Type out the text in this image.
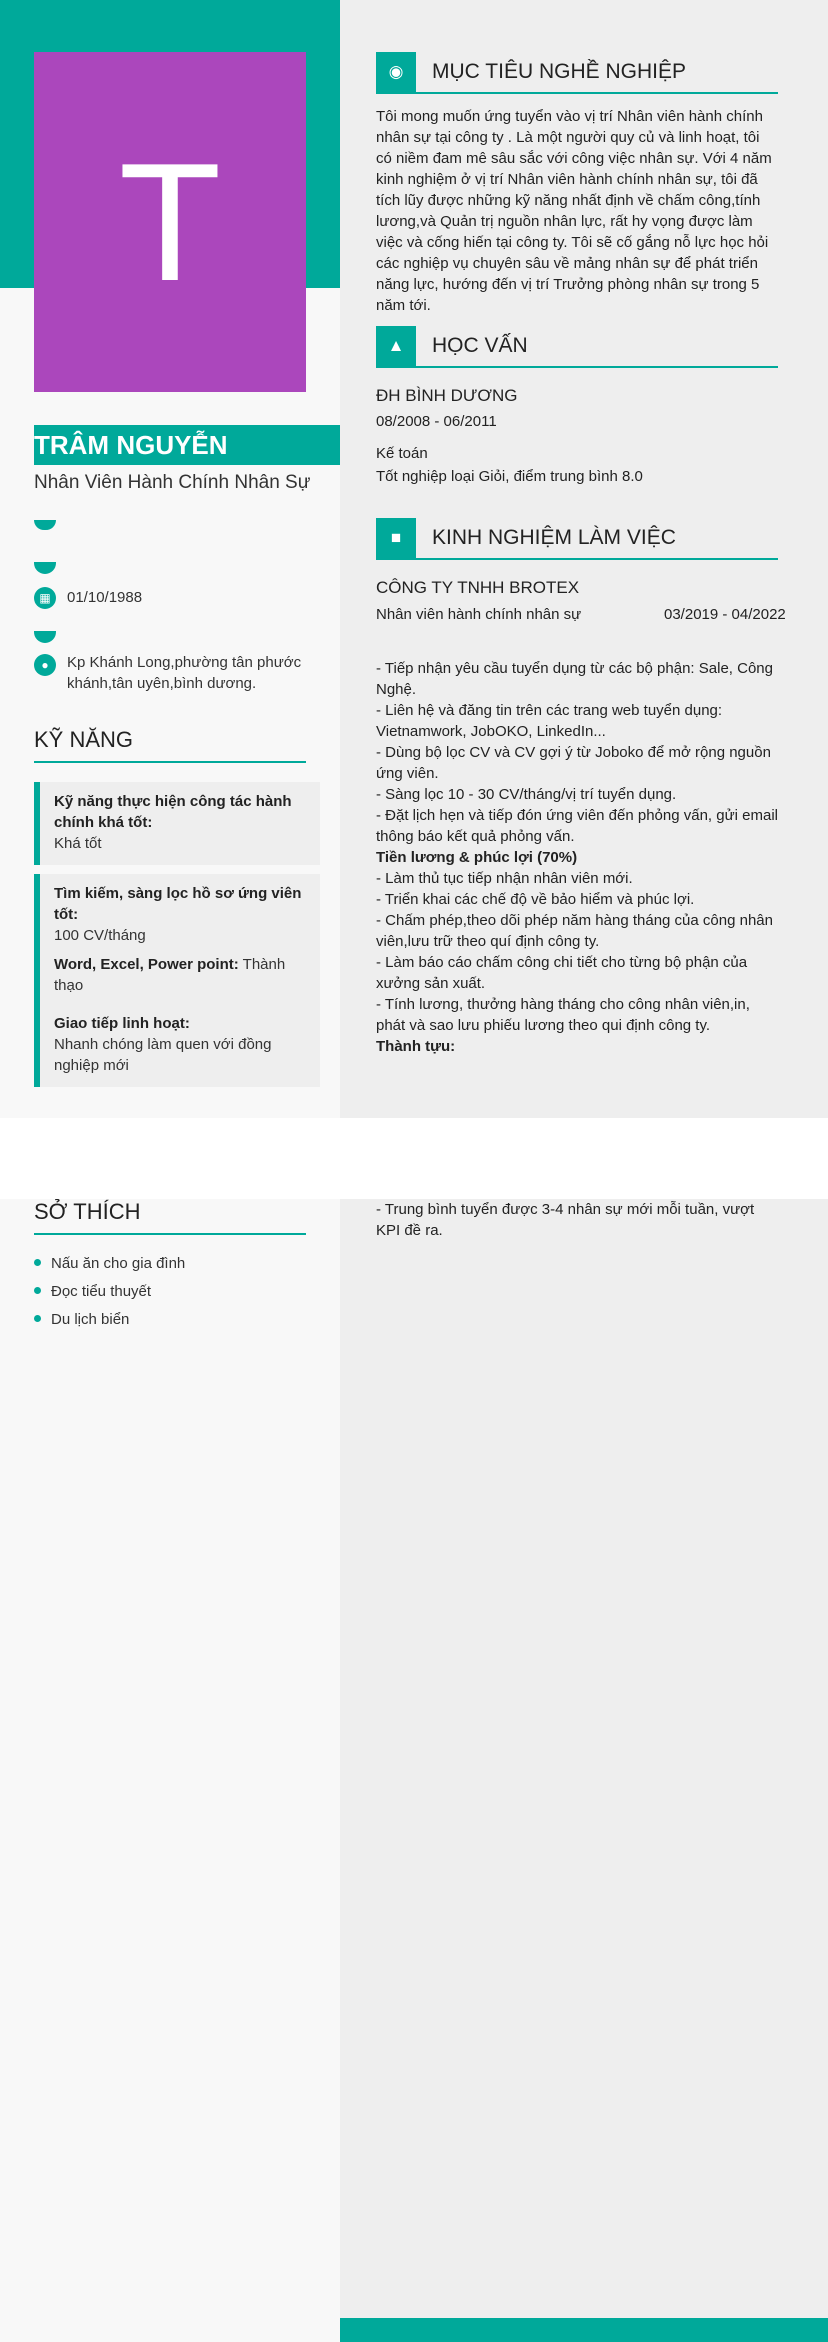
T
TRÂM NGUYỄN
Nhân Viên Hành Chính Nhân Sự
▦	01/10/1988
●	Kp Khánh Long,phường tân phước khánh,tân uyên,bình dương.
KỸ NĂNG
Kỹ năng thực hiện công tác hành chính khá tốt:
Khá tốt
Tìm kiếm, sàng lọc hồ sơ ứng viên tốt:
100 CV/tháng
Word, Excel, Power point: Thành thạo
Giao tiếp linh hoạt:
Nhanh chóng làm quen với đồng nghiệp mới
◉	MỤC TIÊU NGHỀ NGHIỆP
Tôi mong muốn ứng tuyển vào vị trí Nhân viên hành chính nhân sự tại công ty . Là một người quy củ và linh hoạt, tôi có niềm đam mê sâu sắc với công việc nhân sự. Với 4 năm kinh nghiệm ở vị trí Nhân viên hành chính nhân sự, tôi đã tích lũy được những kỹ năng nhất định về chấm công,tính lương,và Quản trị nguồn nhân lực, rất hy vọng được làm việc và cống hiến tại công ty. Tôi sẽ cố gắng nỗ lực học hỏi các nghiệp vụ chuyên sâu về mảng nhân sự để phát triển năng lực, hướng đến vị trí Trưởng phòng nhân sự trong 5 năm tới.
▲	HỌC VẤN
ĐH BÌNH DƯƠNG
08/2008 - 06/2011
Kế toán
Tốt nghiệp loại Giỏi, điểm trung bình 8.0
■	KINH NGHIỆM LÀM VIỆC
CÔNG TY TNHH BROTEX
Nhân viên hành chính nhân sự	03/2019 - 04/2022
- Tiếp nhận yêu cầu tuyển dụng từ các bộ phận: Sale, Công Nghệ.
- Liên hệ và đăng tin trên các trang web tuyển dụng: Vietnamwork, JobOKO, LinkedIn...
- Dùng bộ lọc CV và CV gợi ý từ Joboko để mở rộng nguồn ứng viên.
- Sàng lọc 10 - 30 CV/tháng/vị trí tuyển dụng.
- Đặt lịch hẹn và tiếp đón ứng viên đến phỏng vấn, gửi email thông báo kết quả phỏng vấn.
Tiền lương & phúc lợi (70%)
- Làm thủ tục tiếp nhận nhân viên mới.
- Triển khai các chế độ về bảo hiểm và phúc lợi.
- Chấm phép,theo dõi phép năm hàng tháng của công nhân viên,lưu trữ theo quí định công ty.
- Làm báo cáo chấm công chi tiết cho từng bộ phận của xưởng sản xuất.
- Tính lương, thưởng hàng tháng cho công nhân viên,in, phát và sao lưu phiếu lương theo qui định công ty.
Thành tựu:
- Trung bình tuyển được 3-4 nhân sự mới mỗi tuần, vượt KPI đề ra.
SỞ THÍCH
Nấu ăn cho gia đình
Đọc tiểu thuyết
Du lịch biển
